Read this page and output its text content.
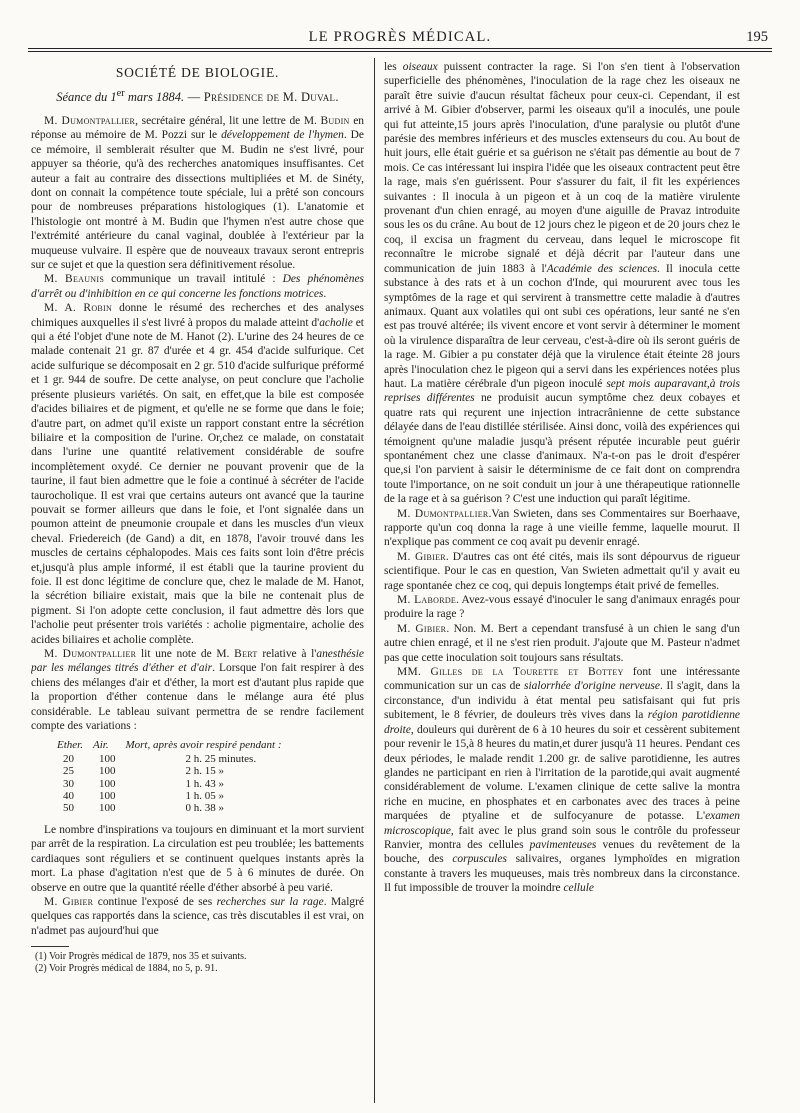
LE PROGRÈS MÉDICAL.	195
SOCIÉTÉ DE BIOLOGIE.
Séance du 1er mars 1884. — Présidence de M. Duval.

M. Dumontpallier, secrétaire général, lit une lettre de M. Budin en réponse au mémoire de M. Pozzi sur le développement de l'hymen. De ce mémoire, il semblerait résulter que M. Budin ne s'est livré, pour appuyer sa théorie, qu'à des recherches anatomiques insuffisantes. Cet auteur a fait au contraire des dissections multipliées et M. de Sinéty, dont on connait la compétence toute spéciale, lui a prêté son concours pour de nombreuses préparations histologiques (1). L'anatomie et l'histologie ont montré à M. Budin que l'hymen n'est autre chose que l'extrémité antérieure du canal vaginal, doublée à l'extérieur par la muqueuse vulvaire. Il espère que de nouveaux travaux seront entrepris sur ce sujet et que la question sera définitivement résolue.

M. Beaunis communique un travail intitulé : Des phénomènes d'arrêt ou d'inhibition en ce qui concerne les fonctions motrices.

M. A. Robin donne le résumé des recherches et des analyses chimiques auxquelles il s'est livré à propos du malade atteint d'acholie et qui a été l'objet d'une note de M. Hanot (2). L'urine des 24 heures de ce malade contenait 21 gr. 87 d'urée et 4 gr. 454 d'acide sulfurique. Cet acide sulfurique se décomposait en 2 gr. 510 d'acide sulfurique préformé et 1 gr. 944 de soufre. De cette analyse, on peut conclure que l'acholie présente plusieurs variétés. On sait, en effet,que la bile est composée d'acides biliaires et de pigment, et qu'elle ne se forme que dans le foie; d'autre part, on admet qu'il existe un rapport constant entre la sécrétion biliaire et la composition de l'urine. Or,chez ce malade, on constatait dans l'urine une quantité relativement considérable de soufre incomplètement oxydé. Ce dernier ne pouvant provenir que de la taurine, il faut bien admettre que le foie a continué à sécréter de l'acide taurocholique. Il est vrai que certains auteurs ont avancé que la taurine pouvait se former ailleurs que dans le foie, et l'ont signalée dans un poumon atteint de pneumonie croupale et dans les muscles d'un vieux cheval. Friedereich (de Gand) a dit, en 1878, l'avoir trouvé dans les muscles de certains céphalopodes. Mais ces faits sont loin d'être précis et,jusqu'à plus ample informé, il est établi que la taurine provient du foie. Il est donc légitime de conclure que, chez le malade de M. Hanot, la sécrétion biliaire existait, mais que la bile ne contenait plus de pigment. Si l'on adopte cette conclusion, il faut admettre dès lors que l'acholie peut présenter trois variétés : acholie pigmentaire, acholie des acides biliaires et acholie complète.

M. Dumontpallier lit une note de M. Bert relative à l'anesthésie par les mélanges titrés d'éther et d'air. Lorsque l'on fait respirer à des chiens des mélanges d'air et d'éther, la mort est d'autant plus rapide que la proportion d'éther contenue dans le mélange aura été plus considérable. Le tableau suivant permettra de se rendre facilement compte des variations :

Ether.	Air.	Mort, après avoir respiré pendant :
20	100	2 h. 25 minutes.
25	100	2 h. 15 »
30	100	1 h. 43 »
40	100	1 h. 05 »
50	100	0 h. 38 »

Le nombre d'inspirations va toujours en diminuant et la mort survient par arrêt de la respiration. La circulation est peu troublée; les battements cardiaques sont réguliers et se continuent quelques instants après la mort. La phase d'agitation n'est que de 5 à 6 minutes de durée. On observe en outre que la quantité réelle d'éther absorbé à peu varié.

M. Gibier continue l'exposé de ses recherches sur la rage. Malgré quelques cas rapportés dans la science, cas très discutables il est vrai, on n'admet pas aujourd'hui que

(1) Voir Progrès médical de 1879, nos 35 et suivants.

(2) Voir Progrès médical de 1884, no 5, p. 91.

les oiseaux puissent contracter la rage. Si l'on s'en tient à l'observation superficielle des phénomènes, l'inoculation de la rage chez les oiseaux ne paraît être suivie d'aucun résultat fâcheux pour ceux-ci. Cependant, il est arrivé à M. Gibier d'observer, parmi les oiseaux qu'il a inoculés, une poule qui fut atteinte,15 jours après l'inoculation, d'une paralysie ou plutôt d'une parésie des membres inférieurs et des muscles extenseurs du cou. Au bout de huit jours, elle était guérie et sa guérison ne s'était pas démentie au bout de 7 mois. Ce cas intéressant lui inspira l'idée que les oiseaux contractent peut être la rage, mais s'en guérissent. Pour s'assurer du fait, il fit les expériences suivantes : Il inocula à un pigeon et à un coq de la matière virulente provenant d'un chien enragé, au moyen d'une aiguille de Pravaz introduite sous les os du crâne. Au bout de 12 jours chez le pigeon et de 20 jours chez le coq, il excisa un fragment du cerveau, dans lequel le microscope fit reconnaître le microbe signalé et déjà décrit par l'auteur dans une communication de juin 1883 à l'Académie des sciences. Il inocula cette substance à des rats et à un cochon d'Inde, qui moururent avec tous les symptômes de la rage et qui servirent à transmettre cette maladie à d'autres animaux. Quant aux volatiles qui ont subi ces opérations, leur santé ne s'en est pas trouvé altérée; ils vivent encore et vont servir à déterminer le moment où la virulence disparaîtra de leur cerveau, c'est-à-dire où ils seront guéris de la rage. M. Gibier a pu constater déjà que la virulence était éteinte 28 jours après l'inoculation chez le pigeon qui a servi dans les expériences notées plus haut. La matière cérébrale d'un pigeon inoculé sept mois auparavant,à trois reprises différentes ne produisit aucun symptôme chez deux cobayes et quatre rats qui reçurent une injection intracrânienne de cette substance délayée dans de l'eau distillée stérilisée. Ainsi donc, voilà des expériences qui témoignent qu'une maladie jusqu'à présent réputée incurable peut guérir spontanément chez une classe d'animaux. N'a-t-on pas le droit d'espérer que,si l'on parvient à saisir le déterminisme de ce fait dont on comprendra toute l'importance, on ne soit conduit un jour à une thérapeutique rationnelle de la rage et à sa guérison ? C'est une induction qui paraît légitime.

M. Dumontpallier.Van Swieten, dans ses Commentaires sur Boerhaave, rapporte qu'un coq donna la rage à une vieille femme, laquelle mourut. Il n'explique pas comment ce coq avait pu devenir enragé.

M. Gibier. D'autres cas ont été cités, mais ils sont dépourvus de rigueur scientifique. Pour le cas en question, Van Swieten admettait qu'il y avait eu rage spontanée chez ce coq, qui depuis longtemps était privé de femelles.

M. Laborde. Avez-vous essayé d'inoculer le sang d'animaux enragés pour produire la rage ?

M. Gibier. Non. M. Bert a cependant transfusé à un chien le sang d'un autre chien enragé, et il ne s'est rien produit. J'ajoute que M. Pasteur n'admet pas que cette inoculation soit toujours sans résultats.

MM. Gilles de la Tourette et Bottey font une intéressante communication sur un cas de sialorrhée d'origine nerveuse. Il s'agit, dans la circonstance, d'un individu à état mental peu satisfaisant qui fut pris subitement, le 8 février, de douleurs très vives dans la région parotidienne droite, douleurs qui durèrent de 6 à 10 heures du soir et cessèrent subitement pour revenir le 15,à 8 heures du matin,et durer jusqu'à 11 heures. Pendant ces deux périodes, le malade rendit 1.200 gr. de salive parotidienne, les autres glandes ne participant en rien à l'irritation de la parotide,qui avait augmenté considérablement de volume. L'examen clinique de cette salive la montra riche en mucine, en phosphates et en carbonates avec des traces à peine marquées de ptyaline et de sulfocyanure de potasse. L'examen microscopique, fait avec le plus grand soin sous le contrôle du professeur Ranvier, montra des cellules pavimenteuses venues du revêtement de la bouche, des corpuscules salivaires, organes lymphoïdes en migration constante à travers les muqueuses, mais très nombreux dans la circonstance. Il fut impossible de trouver la moindre cellule
